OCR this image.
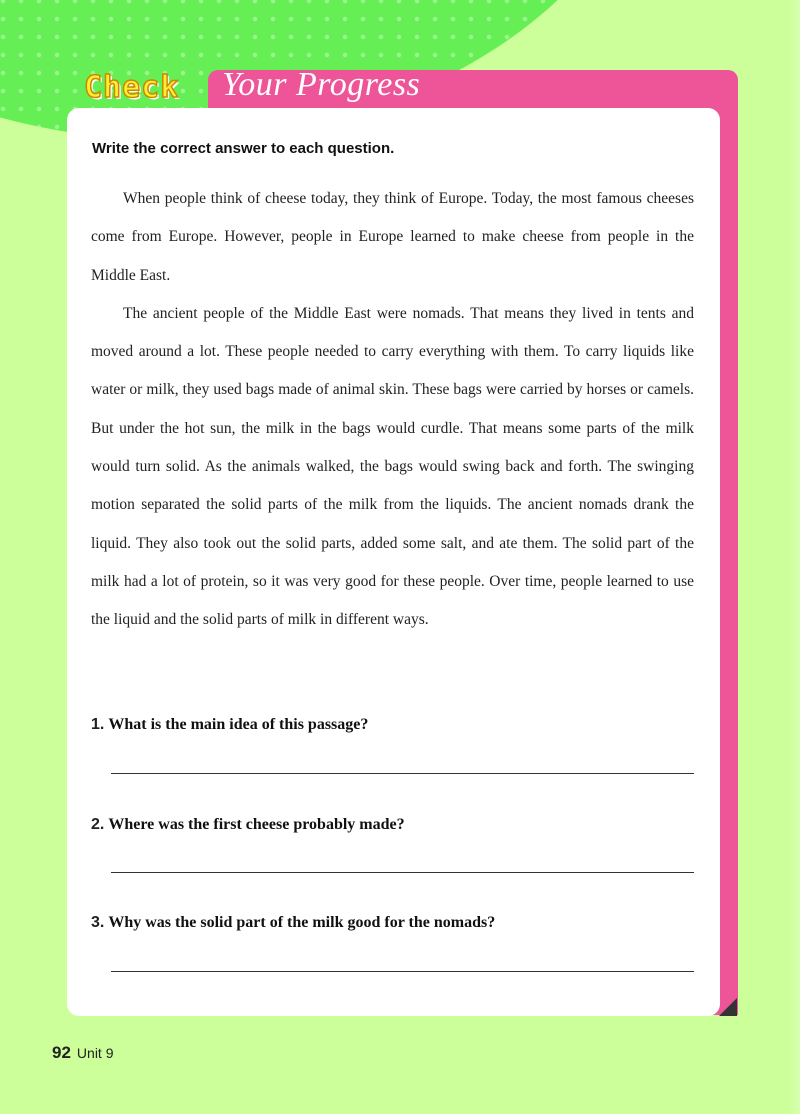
Check Your Progress
Write the correct answer to each question.

When people think of cheese today, they think of Europe. Today, the most famous cheeses come from Europe. However, people in Europe learned to make cheese from people in the Middle East.

The ancient people of the Middle East were nomads. That means they lived in tents and moved around a lot. These people needed to carry everything with them. To carry liquids like water or milk, they used bags made of animal skin. These bags were carried by horses or camels. But under the hot sun, the milk in the bags would curdle. That means some parts of the milk would turn solid. As the animals walked, the bags would swing back and forth. The swinging motion separated the solid parts of the milk from the liquids. The ancient nomads drank the liquid. They also took out the solid parts, added some salt, and ate them. The solid part of the milk had a lot of protein, so it was very good for these people. Over time, people learned to use the liquid and the solid parts of milk in different ways.

1. What is the main idea of this passage?
2. Where was the first cheese probably made?
3. Why was the solid part of the milk good for the nomads?
92 Unit 9
